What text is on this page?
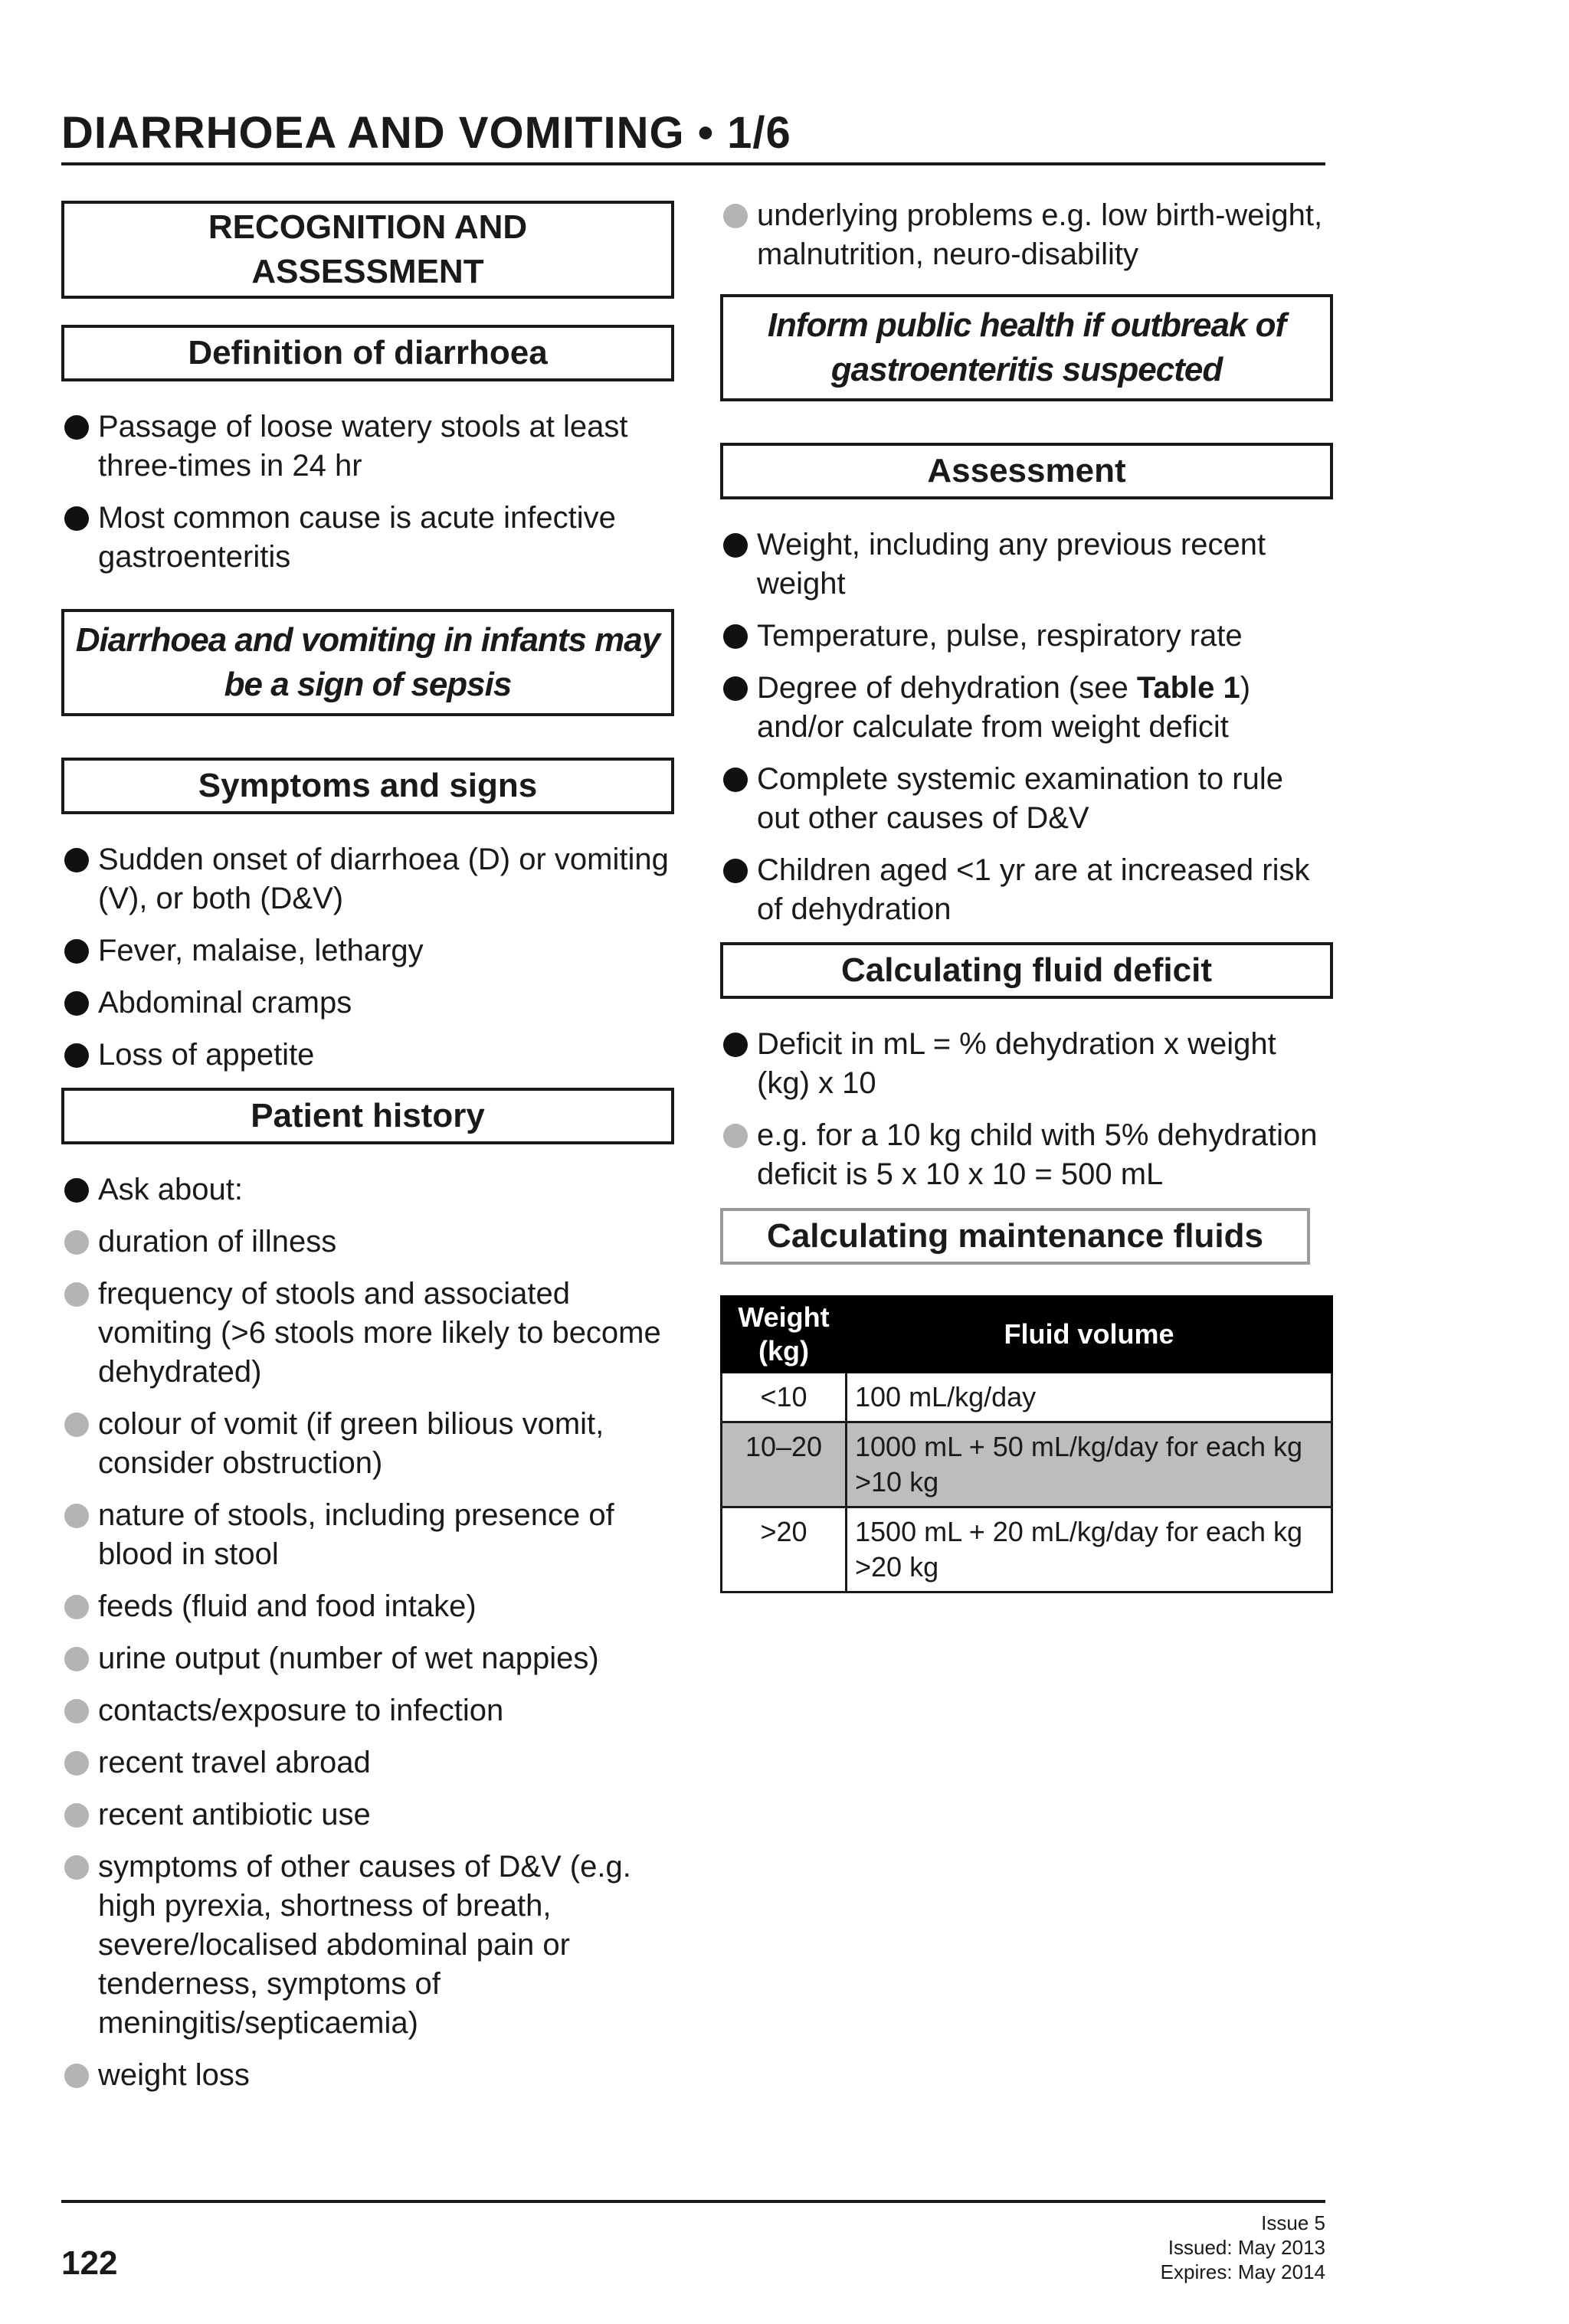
DIARRHOEA AND VOMITING • 1/6
RECOGNITION AND ASSESSMENT
Definition of diarrhoea
Passage of loose watery stools at least three-times in 24 hr
Most common cause is acute infective gastroenteritis
Diarrhoea and vomiting in infants may be a sign of sepsis
Symptoms and signs
Sudden onset of diarrhoea (D) or vomiting (V), or both (D&V)
Fever, malaise, lethargy
Abdominal cramps
Loss of appetite
Patient history
Ask about:
duration of illness
frequency of stools and associated vomiting (>6 stools more likely to become dehydrated)
colour of vomit (if green bilious vomit, consider obstruction)
nature of stools, including presence of blood in stool
feeds (fluid and food intake)
urine output (number of wet nappies)
contacts/exposure to infection
recent travel abroad
recent antibiotic use
symptoms of other causes of D&V (e.g. high pyrexia, shortness of breath, severe/localised abdominal pain or tenderness, symptoms of meningitis/septicaemia)
weight loss
underlying problems e.g. low birth-weight, malnutrition, neuro-disability
Inform public health if outbreak of gastroenteritis suspected
Assessment
Weight, including any previous recent weight
Temperature, pulse, respiratory rate
Degree of dehydration (see Table 1) and/or calculate from weight deficit
Complete systemic examination to rule out other causes of D&V
Children aged <1 yr are at increased risk of dehydration
Calculating fluid deficit
Deficit in mL = % dehydration x weight (kg) x 10
e.g. for a 10 kg child with 5% dehydration deficit is 5 x 10 x 10 = 500 mL
Calculating maintenance fluids
Weight (kg)	Fluid volume
<10	100 mL/kg/day
10–20	1000 mL + 50 mL/kg/day for each kg >10 kg
>20	1500 mL + 20 mL/kg/day for each kg >20 kg
122
Issue 5
Issued: May 2013
Expires: May 2014
